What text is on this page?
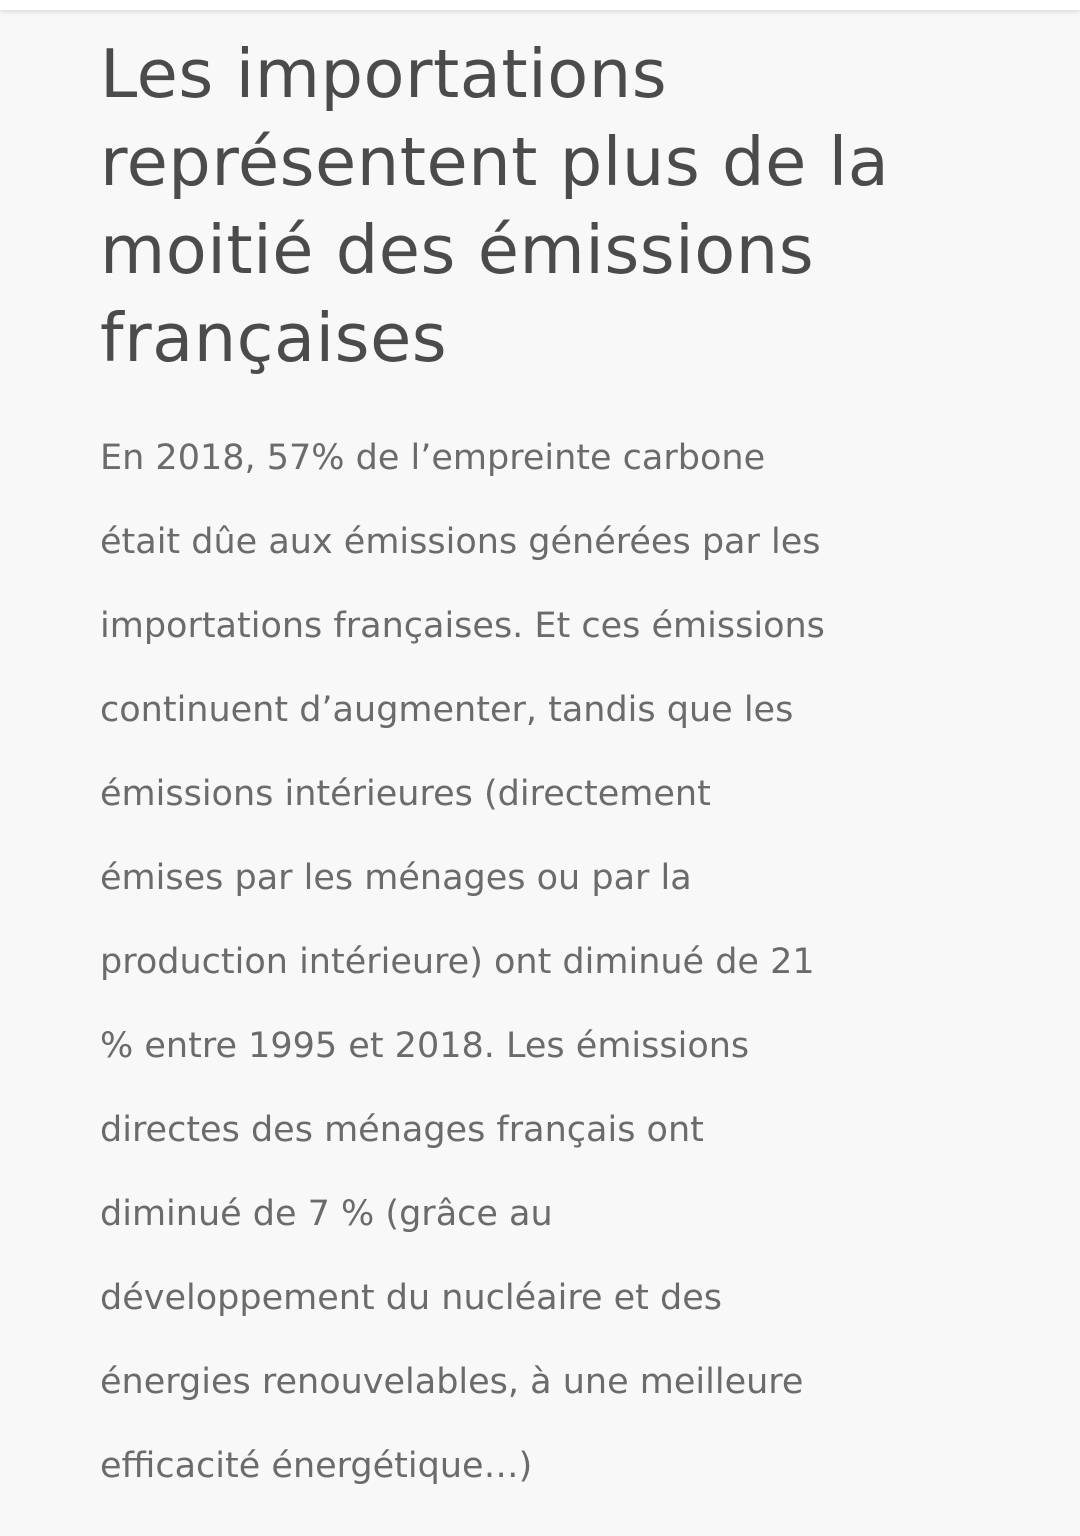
Les importations
représentent plus de la
moitié des émissions
françaises

En 2018, 57% de l’empreinte carbone
était dûe aux émissions générées par les
importations françaises. Et ces émissions
continuent d’augmenter, tandis que les
émissions intérieures (directement
émises par les ménages ou par la
production intérieure) ont diminué de 21
% entre 1995 et 2018. Les émissions
directes des ménages français ont
diminué de 7 % (grâce au
développement du nucléaire et des
énergies renouvelables, à une meilleure
efficacité énergétique…)
